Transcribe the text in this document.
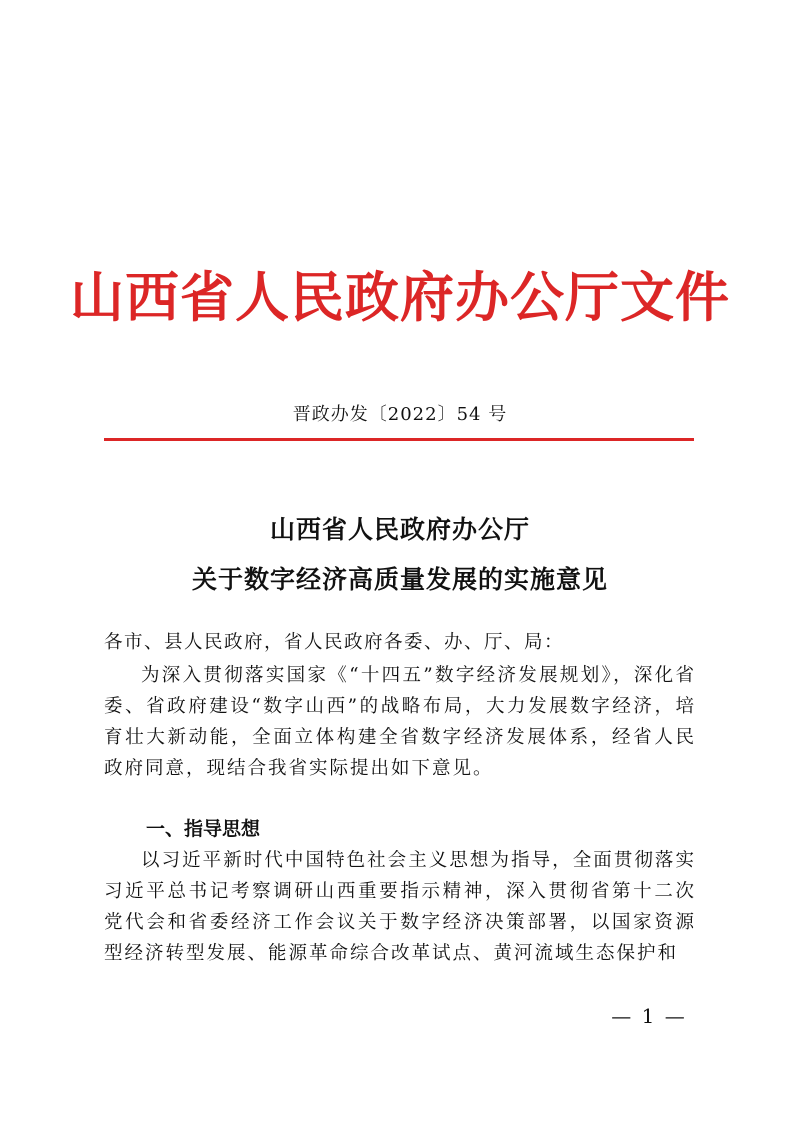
山西省人民政府办公厅文件
晋政办发〔2022〕54 号
山西省人民政府办公厅
关于数字经济高质量发展的实施意见

各市、县人民政府，省人民政府各委、办、厅、局：

为深入贯彻落实国家《“十四五”数字经济发展规划》，深化省委、省政府建设“数字山西”的战略布局，大力发展数字经济，培育壮大新动能，全面立体构建全省数字经济发展体系，经省人民政府同意，现结合我省实际提出如下意见。

一、指导思想

以习近平新时代中国特色社会主义思想为指导，全面贯彻落实习近平总书记考察调研山西重要指示精神，深入贯彻省第十二次党代会和省委经济工作会议关于数字经济决策部署，以国家资源型经济转型发展、能源革命综合改革试点、黄河流域生态保护和

— 1 —
